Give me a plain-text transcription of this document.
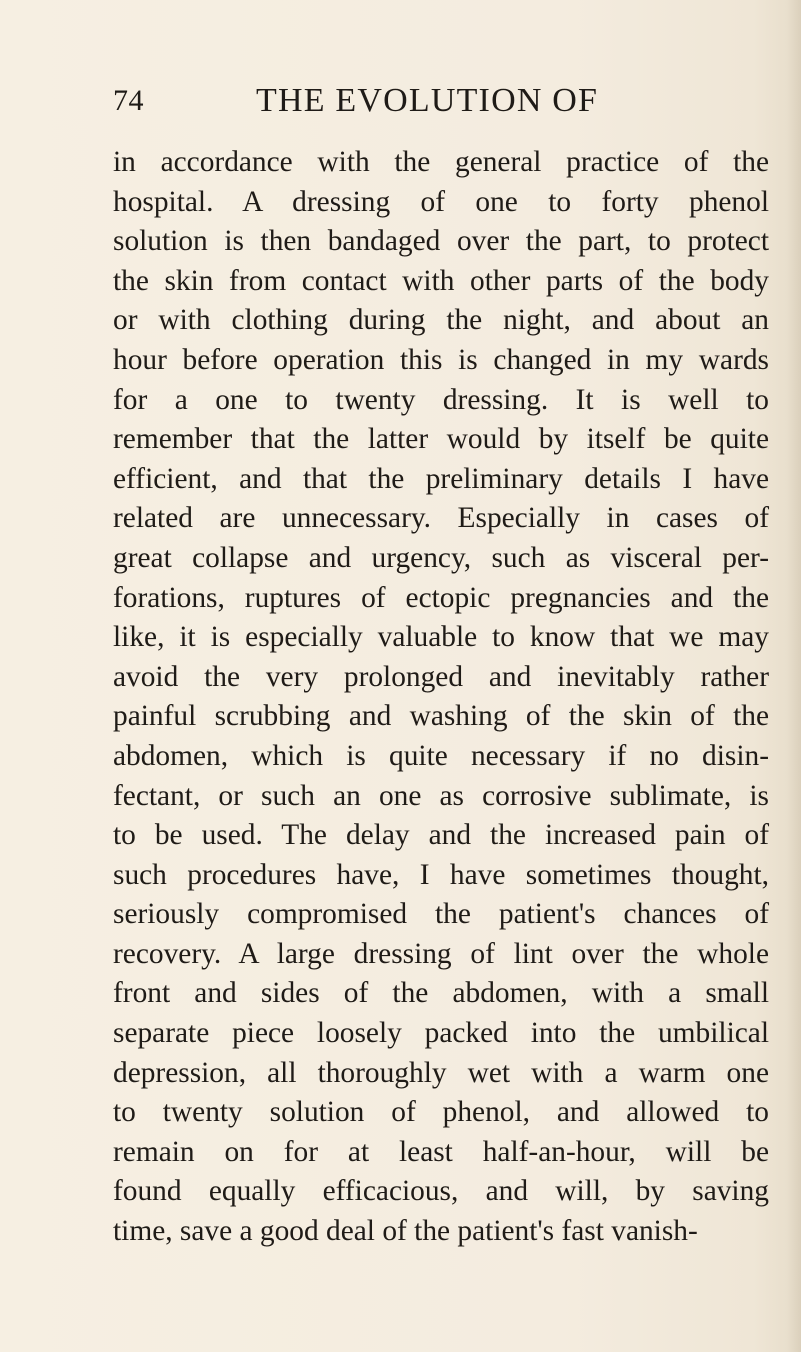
74	THE EVOLUTION OF
in accordance with the general practice of the
hospital. A dressing of one to forty phenol
solution is then bandaged over the part, to protect
the skin from contact with other parts of the body
or with clothing during the night, and about an
hour before operation this is changed in my wards
for a one to twenty dressing. It is well to
remember that the latter would by itself be quite
efficient, and that the preliminary details I have
related are unnecessary. Especially in cases of
great collapse and urgency, such as visceral per-
forations, ruptures of ectopic pregnancies and the
like, it is especially valuable to know that we may
avoid the very prolonged and inevitably rather
painful scrubbing and washing of the skin of the
abdomen, which is quite necessary if no disin-
fectant, or such an one as corrosive sublimate, is
to be used. The delay and the increased pain of
such procedures have, I have sometimes thought,
seriously compromised the patient's chances of
recovery. A large dressing of lint over the whole
front and sides of the abdomen, with a small
separate piece loosely packed into the umbilical
depression, all thoroughly wet with a warm one
to twenty solution of phenol, and allowed to
remain on for at least half-an-hour, will be
found equally efficacious, and will, by saving
time, save a good deal of the patient's fast vanish-
